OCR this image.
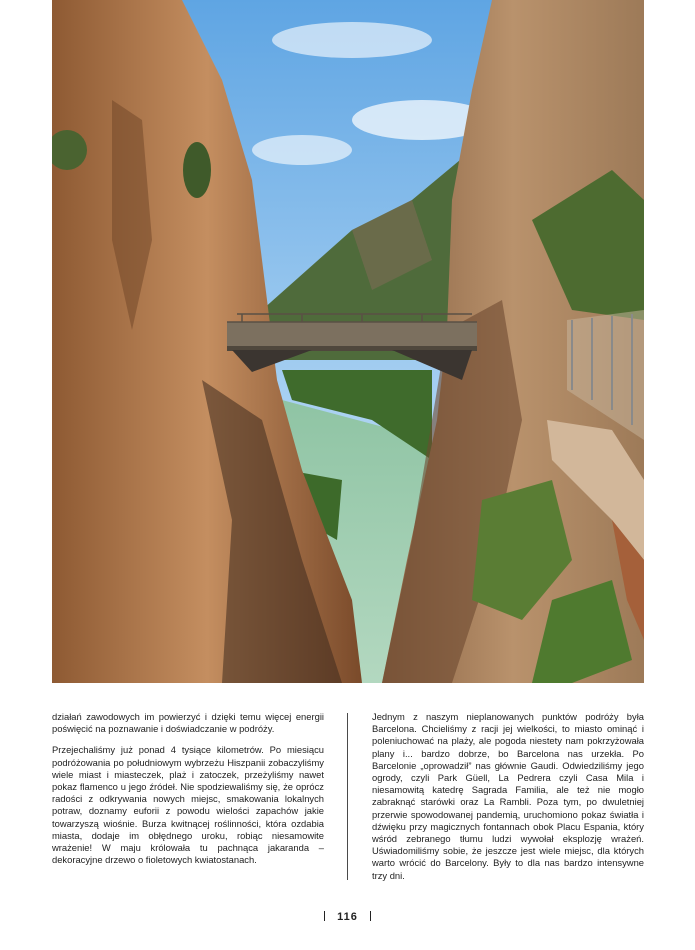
działań zawodowych im powierzyć i dzięki temu więcej energii poświęcić na poznawanie i doświadczanie w podróży.

Przejechaliśmy już ponad 4 tysiące kilometrów. Po miesiącu podróżowania po południowym wybrzeżu Hiszpanii zobaczyliśmy wiele miast i miasteczek, plaż i zatoczek, przeżyliśmy nawet pokaz flamenco u jego źródeł. Nie spodziewaliśmy się, że oprócz radości z odkrywania nowych miejsc, smakowania lokalnych potraw, doznamy euforii z powodu wielości zapachów jakie towarzyszą wiośnie. Burza kwitnącej roślinności, która ozdabia miasta, dodaje im obłędnego uroku, robiąc niesamowite wrażenie! W maju królowała tu pachnąca jakaranda – dekoracyjne drzewo o fioletowych kwiatostanach.

Jednym z naszym nieplanowanych punktów podróży była Barcelona. Chcieliśmy z racji jej wielkości, to miasto ominąć i poleniuchować na plaży, ale pogoda niestety nam pokrzyżowała plany i... bardzo dobrze, bo Barcelona nas urzekła. Po Barcelonie „oprowadził” nas głównie Gaudi. Odwiedziliśmy jego ogrody, czyli Park Güell, La Pedrera czyli Casa Mila i niesamowitą katedrę Sagrada Familia, ale też nie mogło zabraknąć starówki oraz La Rambli. Poza tym, po dwuletniej przerwie spowodowanej pandemią, uruchomiono pokaz światła i dźwięku przy magicznych fontannach obok Placu Espania, który wśród zebranego tłumu ludzi wywołał eksplozję wrażeń. Uświadomiliśmy sobie, że jeszcze jest wiele miejsc, dla których warto wrócić do Barcelony. Były to dla nas bardzo intensywne trzy dni.

116
